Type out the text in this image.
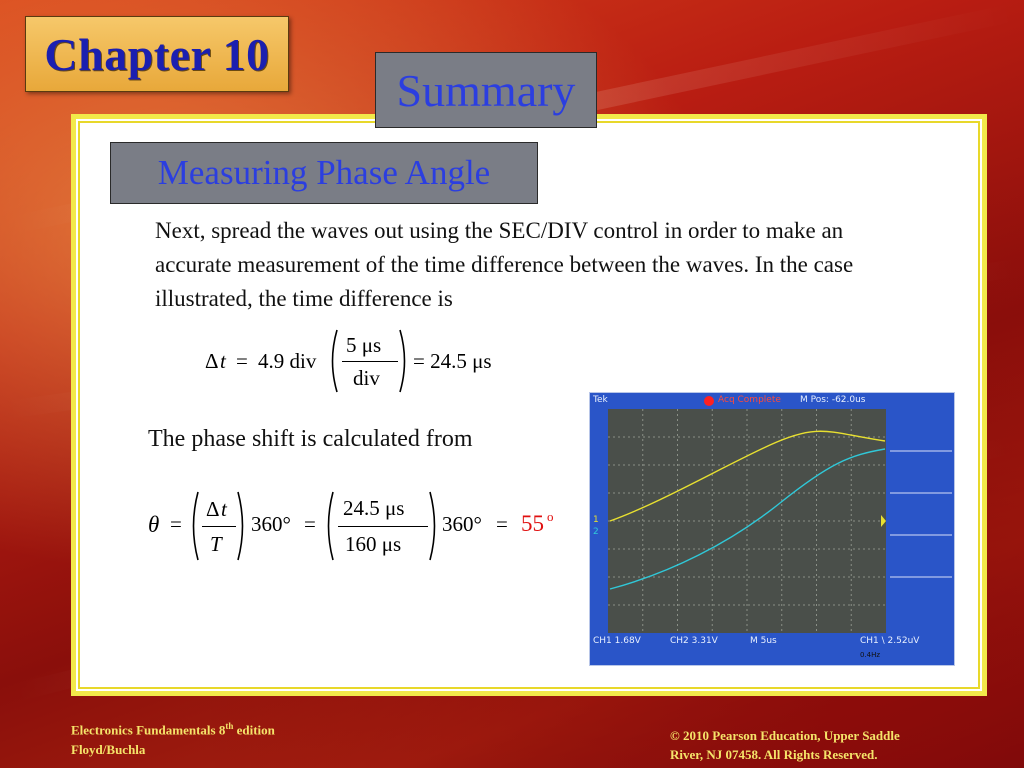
Chapter 10
Summary
Measuring Phase Angle
Next, spread the waves out using the SEC/DIV control in order to make an accurate measurement of the time difference between the waves. In the case illustrated, the time difference is
Δ t = 4.9 div
5 μs
div
= 24.5 μs
The phase shift is calculated from
θ =
Δ t
T
360° =
24.5 μs
160 μs
360° = 55 o
Tek	Acq Complete M Pos: -62.0us
1
2
CH1 1.68V	CH2 3.31V	M 5us	CH1 \ 2.52uV
0.4Hz
Electronics Fundamentals 8th edition
Floyd/Buchla
© 2010 Pearson Education, Upper Saddle
River, NJ 07458. All Rights Reserved.
